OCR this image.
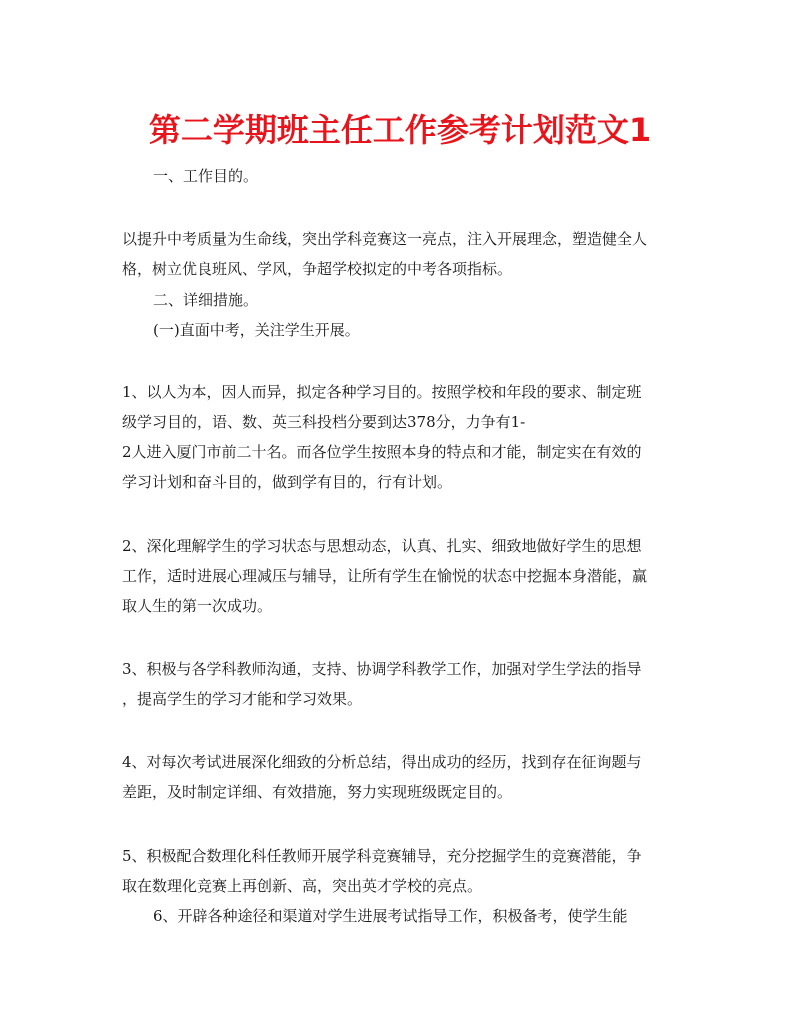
第二学期班主任工作参考计划范文1
一、工作目的。
以提升中考质量为生命线，突出学科竞赛这一亮点，注入开展理念，塑造健全人
格，树立优良班风、学风，争超学校拟定的中考各项指标。
二、详细措施。
(一)直面中考，关注学生开展。
1、以人为本，因人而异，拟定各种学习目的。按照学校和年段的要求、制定班
级学习目的，语、数、英三科投档分要到达378分，力争有1-
2人进入厦门市前二十名。而各位学生按照本身的特点和才能，制定实在有效的
学习计划和奋斗目的，做到学有目的，行有计划。
2、深化理解学生的学习状态与思想动态，认真、扎实、细致地做好学生的思想
工作，适时进展心理减压与辅导，让所有学生在愉悦的状态中挖掘本身潜能，赢
取人生的第一次成功。
3、积极与各学科教师沟通，支持、协调学科教学工作，加强对学生学法的指导
，提高学生的学习才能和学习效果。
4、对每次考试进展深化细致的分析总结，得出成功的经历，找到存在征询题与
差距，及时制定详细、有效措施，努力实现班级既定目的。
5、积极配合数理化科任教师开展学科竞赛辅导，充分挖掘学生的竞赛潜能，争
取在数理化竞赛上再创新、高，突出英才学校的亮点。
6、开辟各种途径和渠道对学生进展考试指导工作，积极备考，使学生能
